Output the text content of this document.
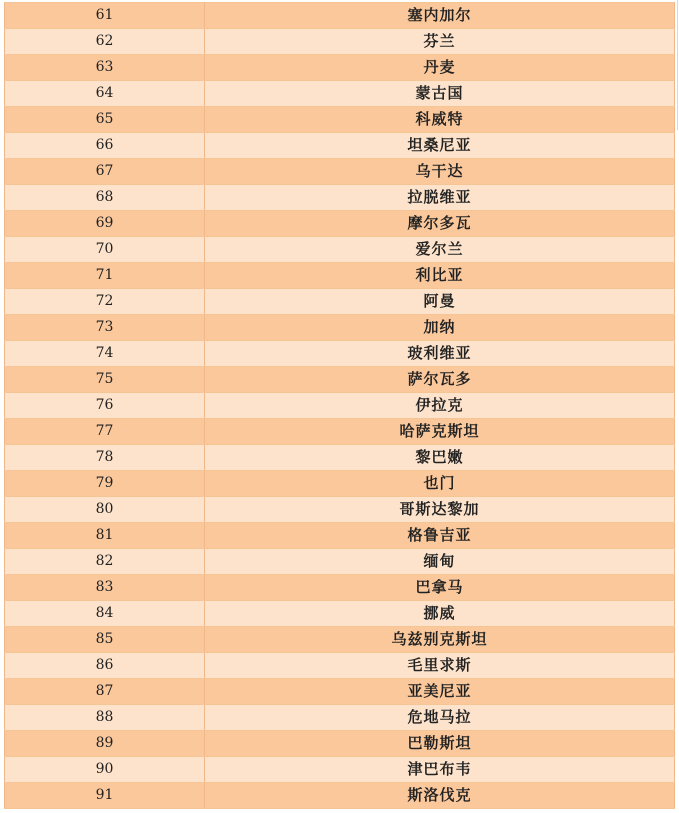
61	塞内加尔
62	芬兰
63	丹麦
64	蒙古国
65	科威特
66	坦桑尼亚
67	乌干达
68	拉脱维亚
69	摩尔多瓦
70	爱尔兰
71	利比亚
72	阿曼
73	加纳
74	玻利维亚
75	萨尔瓦多
76	伊拉克
77	哈萨克斯坦
78	黎巴嫩
79	也门
80	哥斯达黎加
81	格鲁吉亚
82	缅甸
83	巴拿马
84	挪威
85	乌兹别克斯坦
86	毛里求斯
87	亚美尼亚
88	危地马拉
89	巴勒斯坦
90	津巴布韦
91	斯洛伐克
